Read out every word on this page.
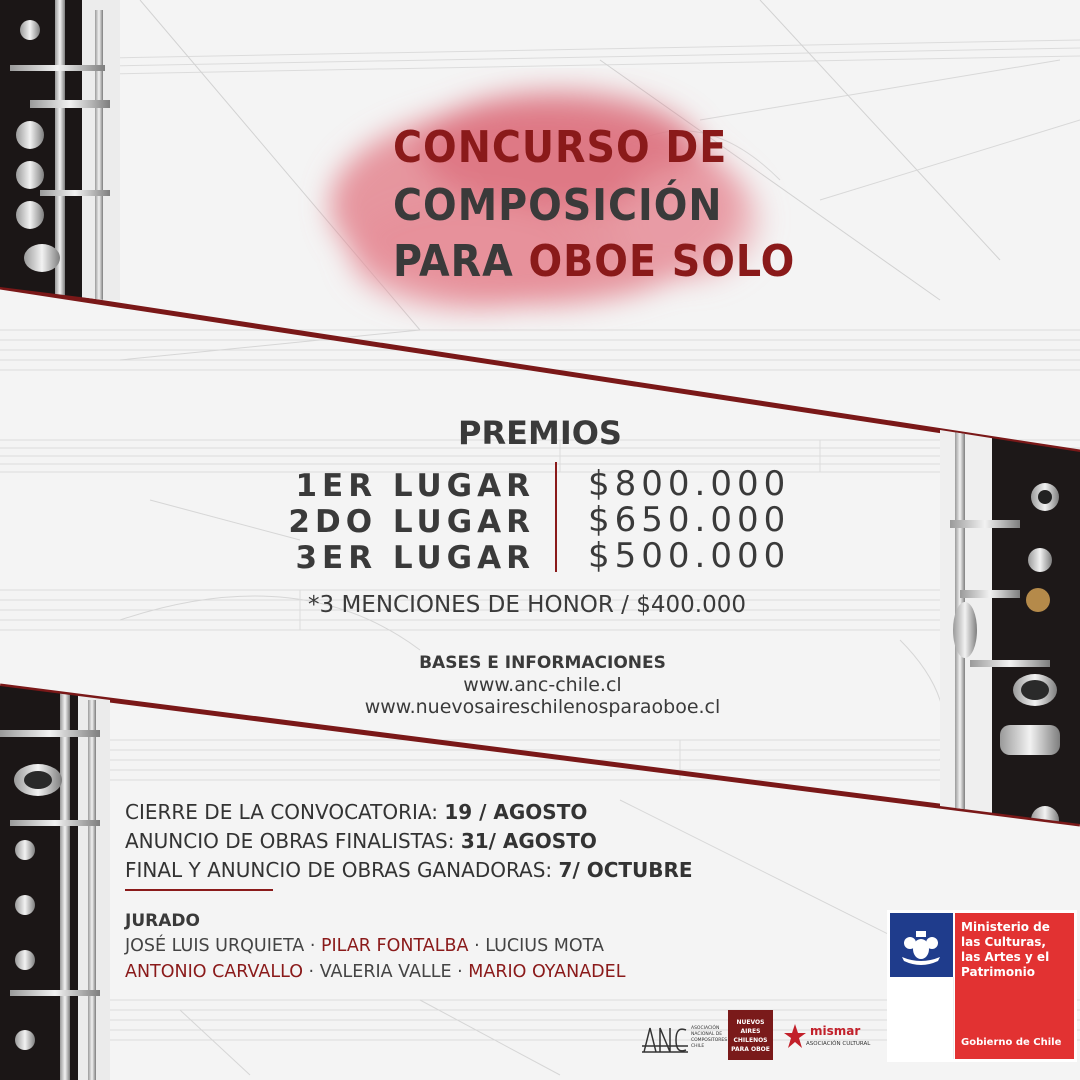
CONCURSO DE
COMPOSICIÓN
PARA OBOE SOLO
PREMIOS
1ER LUGAR $800.000
2DO LUGAR $650.000
3ER LUGAR $500.000
*3 MENCIONES DE HONOR / $400.000
BASES E INFORMACIONES
www.anc-chile.cl
www.nuevosaireschilenosparaoboe.cl
CIERRE DE LA CONVOCATORIA: 19 / AGOSTO
ANUNCIO DE OBRAS FINALISTAS: 31/ AGOSTO
FINAL Y ANUNCIO DE OBRAS GANADORAS: 7/ OCTUBRE
JURADO
JOSÉ LUIS URQUIETA · PILAR FONTALBA · LUCIUS MOTA
ANTONIO CARVALLO · VALERIA VALLE · MARIO OYANADEL
ASOCIACIÓN NACIONAL DE COMPOSITORES CHILE
NUEVOS
AIRES
CHILENOS
PARA OBOE
mismar
ASOCIACIÓN CULTURAL
Ministerio de
las Culturas,
las Artes y el
Patrimonio
Gobierno de Chile
